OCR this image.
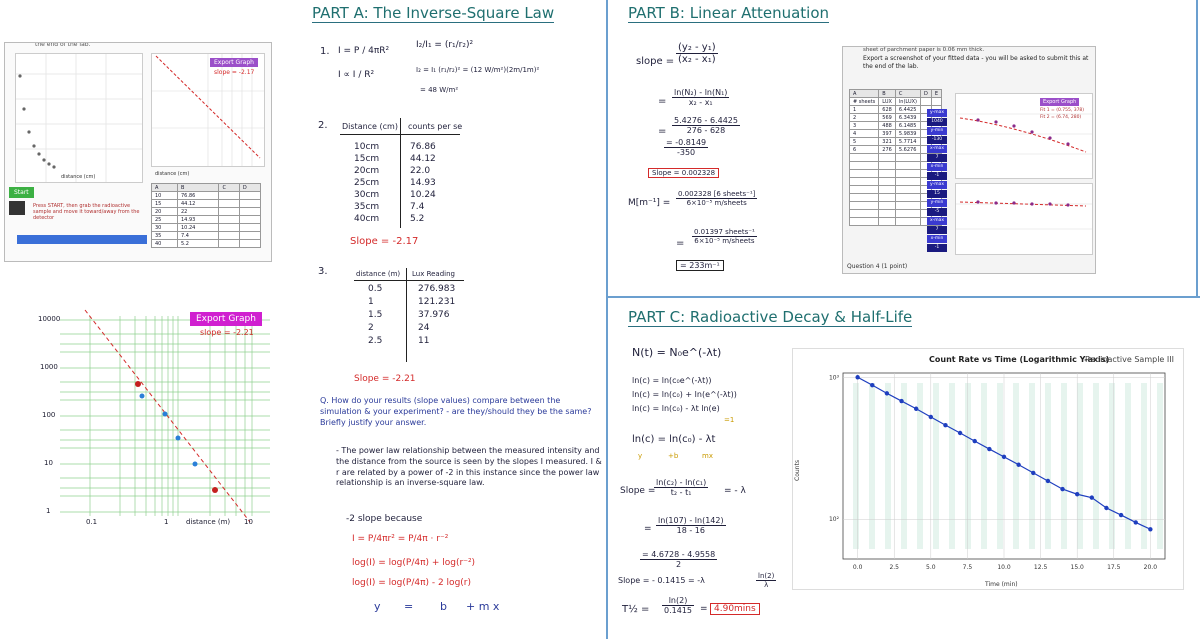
PART A: The Inverse-Square Law	PART B: Linear Attenuation
PART C: Radioactive Decay & Half-Life
the end of the lab.
distance (cm)
Export Graph
slope = -2.17
distance (cm)
A	B	C	D
10	76.86		
15	44.12		
20	22		
25	14.93		
30	10.24		
35	7.4		
40	5.2		
Start
Press START, then grab the radioactive sample and move it toward/away from the detector
Export Graph
slope = -2.21
10000
1000
100
10
1
0.1	1	10
distance (m)
1. I = P / 4πR²
I ∝ I / R²
I₂/I₁ = (r₁/r₂)²
I₂ = I₁ (r₁/r₂)² = (12 W/m²)(2m/1m)²
= 48 W/m²
2. Distance (cm) counts per se
10cm	76.86
15cm	44.12
20cm	22.0
25cm	14.93
30cm	10.24
35cm	7.4
40cm	5.2
Slope = -2.17
3.	distance (m) Lux Reading
0.5	276.983
1	121.231
1.5	37.976
2	24
2.5	11
Slope = -2.21
Q. How do your results (slope values) compare between the simulation & your experiment? - are they/should they be the same? Briefly justify your answer.
- The power law relationship between the measured intensity and the distance from the source is seen by the slopes I measured. I & r are related by a power of -2 in this instance since the power law relationship is an inverse-square law.
-2 slope because
I = P/4πr² = P/4π · r⁻²
log(I) = log(P/4π) + log(r⁻²)
log(I) = log(P/4π) - 2 log(r)
y = b + m x
slope = $\frac{\text{(y₂ - y₁)}}{\text{(x₂ - x₁)}}$
= $\frac{\text{ln(N₂) - ln(N₁)}}{\text{x₂ - x₁}}$
= $\frac{5.4276 - 6.4425}{276 - 628}$
$\frac{= -0.8149}{-350}$
Slope = 0.002328
M[m⁻¹] =
0.002328 [6 sheets⁻¹]
6×10⁻⁵ m/sheets
=
0.01397 sheets⁻¹
6×10⁻⁵ m/sheets
= 233m⁻¹
sheet of parchment paper is 0.06 mm thick.
Export a screenshot of your fitted data - you will be asked to submit this at the end of the lab.
A	B	C	D	E
# sheets	LUX	ln(LUX)		
1	628	6.4425		
2	569	6.3439		
3	488	6.1485		
4	397	5.9839		
5	321	5.7714		
6	276	5.6276		

y-max
1040
y-min
-130
x-max
7
x-min
-1
y-max
15
y-min
-5
x-max
7
x-min
-1
Export Graph
Fit 1 = (0.755, 378)
Fit 2 = (6.74, 280)
Question 4 (1 point)
N(t) = N₀e^(-λt)
ln(c) = ln(c₀e^(-λt))
ln(c) = ln(c₀) + ln(e^(-λt))
ln(c) = ln(c₀) - λt ln(e)
=1
ln(c) = ln(c₀) - λt
y	+b	mx
Slope =
$\frac{\text{ln(c₂) - ln(c₁)}}{\text{t₂ - t₁}}$ = - λ
= $\frac{\ln(107) - \ln(142)}{18 - 16}$
$\frac{= 4.6728 - 4.9558}{2}$
Slope = - 0.1415 = -λ	$\frac{\ln(2)}{\lambda}$
T½ = $\frac{\ln(2)}{0.1415} = 4.90\min s$
0.0	2.5	5.0	7.5	10.0	12.5	15.0	17.5	20.0
10³
10²
Count Rate vs Time (Logarithmic Y-axis)
Radioactive Sample III
Time (min)
Counts
